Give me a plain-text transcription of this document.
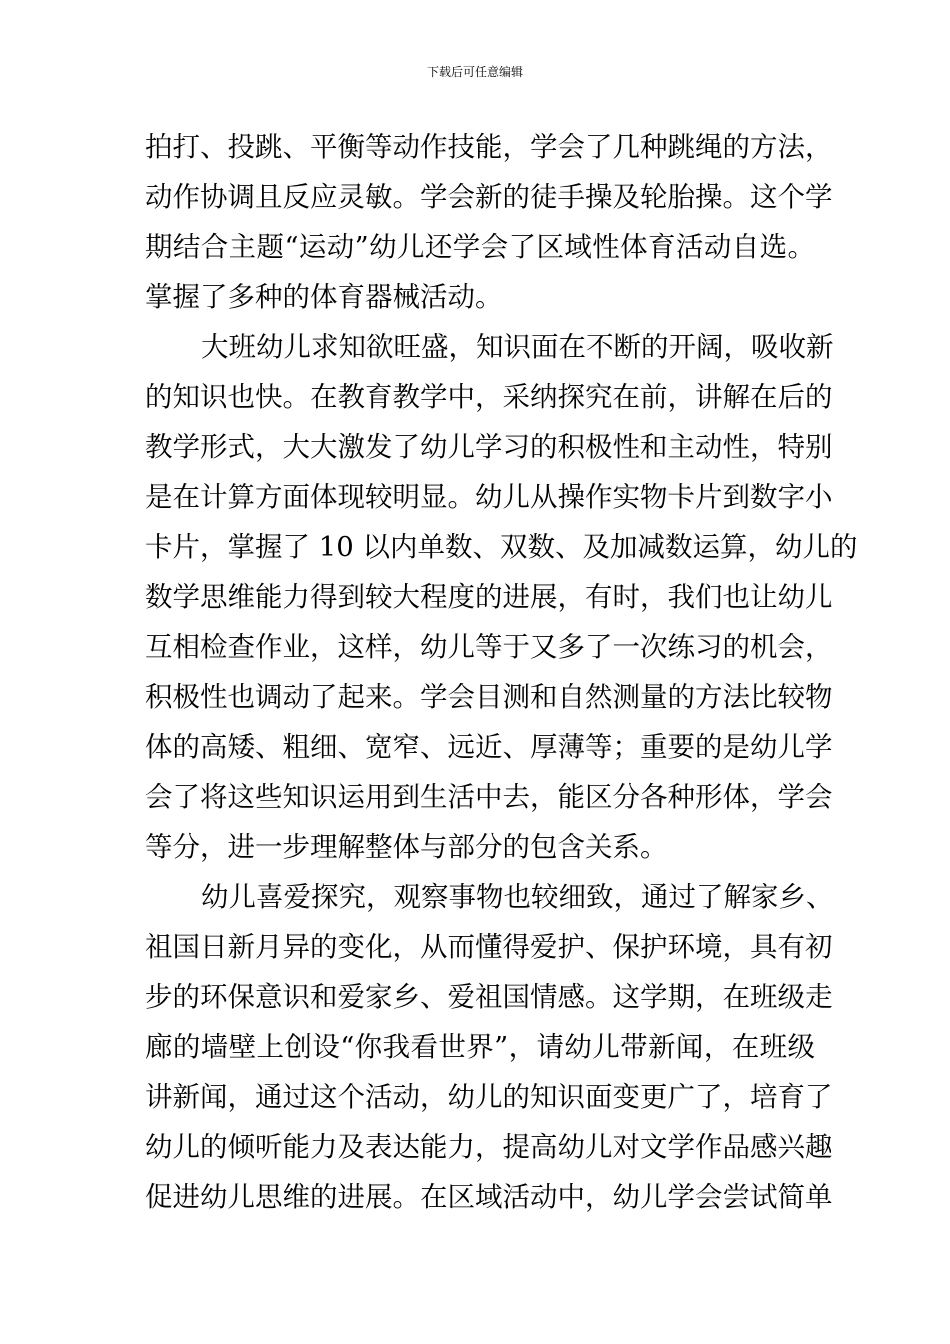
下载后可任意编辑
拍打、投跳、平衡等动作技能，学会了几种跳绳的方法，
动作协调且反应灵敏。学会新的徒手操及轮胎操。这个学
期结合主题“运动”幼儿还学会了区域性体育活动自选。
掌握了多种的体育器械活动。
大班幼儿求知欲旺盛，知识面在不断的开阔，吸收新
的知识也快。在教育教学中，采纳探究在前，讲解在后的
教学形式，大大激发了幼儿学习的积极性和主动性，特别
是在计算方面体现较明显。幼儿从操作实物卡片到数字小
卡片，掌握了 10 以内单数、双数、及加减数运算，幼儿的
数学思维能力得到较大程度的进展，有时，我们也让幼儿
互相检查作业，这样，幼儿等于又多了一次练习的机会，
积极性也调动了起来。学会目测和自然测量的方法比较物
体的高矮、粗细、宽窄、远近、厚薄等；重要的是幼儿学
会了将这些知识运用到生活中去，能区分各种形体，学会
等分，进一步理解整体与部分的包含关系。
幼儿喜爱探究，观察事物也较细致，通过了解家乡、
祖国日新月异的变化，从而懂得爱护、保护环境，具有初
步的环保意识和爱家乡、爱祖国情感。这学期，在班级走
廊的墙壁上创设“你我看世界”，请幼儿带新闻，在班级
讲新闻，通过这个活动，幼儿的知识面变更广了，培育了
幼儿的倾听能力及表达能力，提高幼儿对文学作品感兴趣
促进幼儿思维的进展。在区域活动中，幼儿学会尝试简单
